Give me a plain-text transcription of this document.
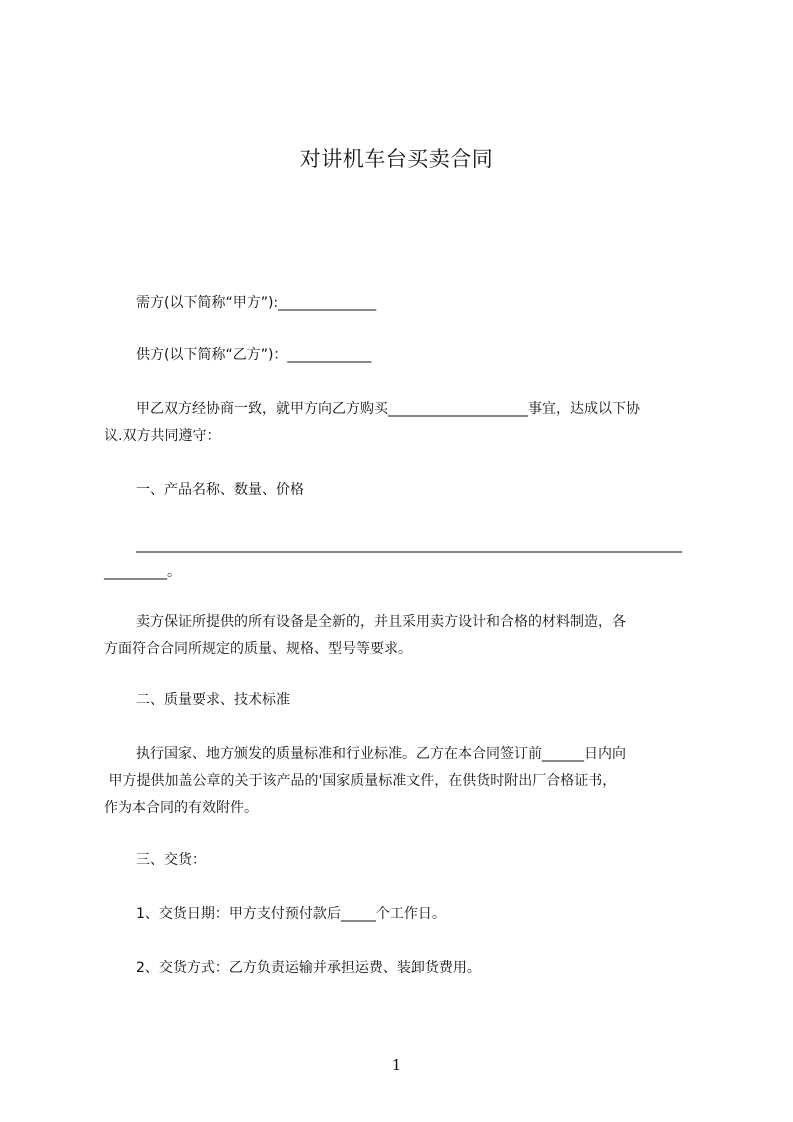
对讲机车台买卖合同
需方(以下简称“甲方”):______________
供方(以下简称“乙方”)：____________
甲乙双方经协商一致，就甲方向乙方购买____________________事宜，达成以下协
议.双方共同遵守：
一、产品名称、数量、价格
______________________________________________________________________________
_________。
卖方保证所提供的所有设备是全新的，并且采用卖方设计和合格的材料制造，各
方面符合合同所规定的质量、规格、型号等要求。
二、质量要求、技术标准
执行国家、地方颁发的质量标准和行业标准。乙方在本合同签订前______日内向
甲方提供加盖公章的关于该产品的'国家质量标准文件，在供货时附出厂合格证书，
作为本合同的有效附件。
三、交货：
1、交货日期：甲方支付预付款后_____个工作日。
2、交货方式：乙方负责运输并承担运费、装卸货费用。
1
